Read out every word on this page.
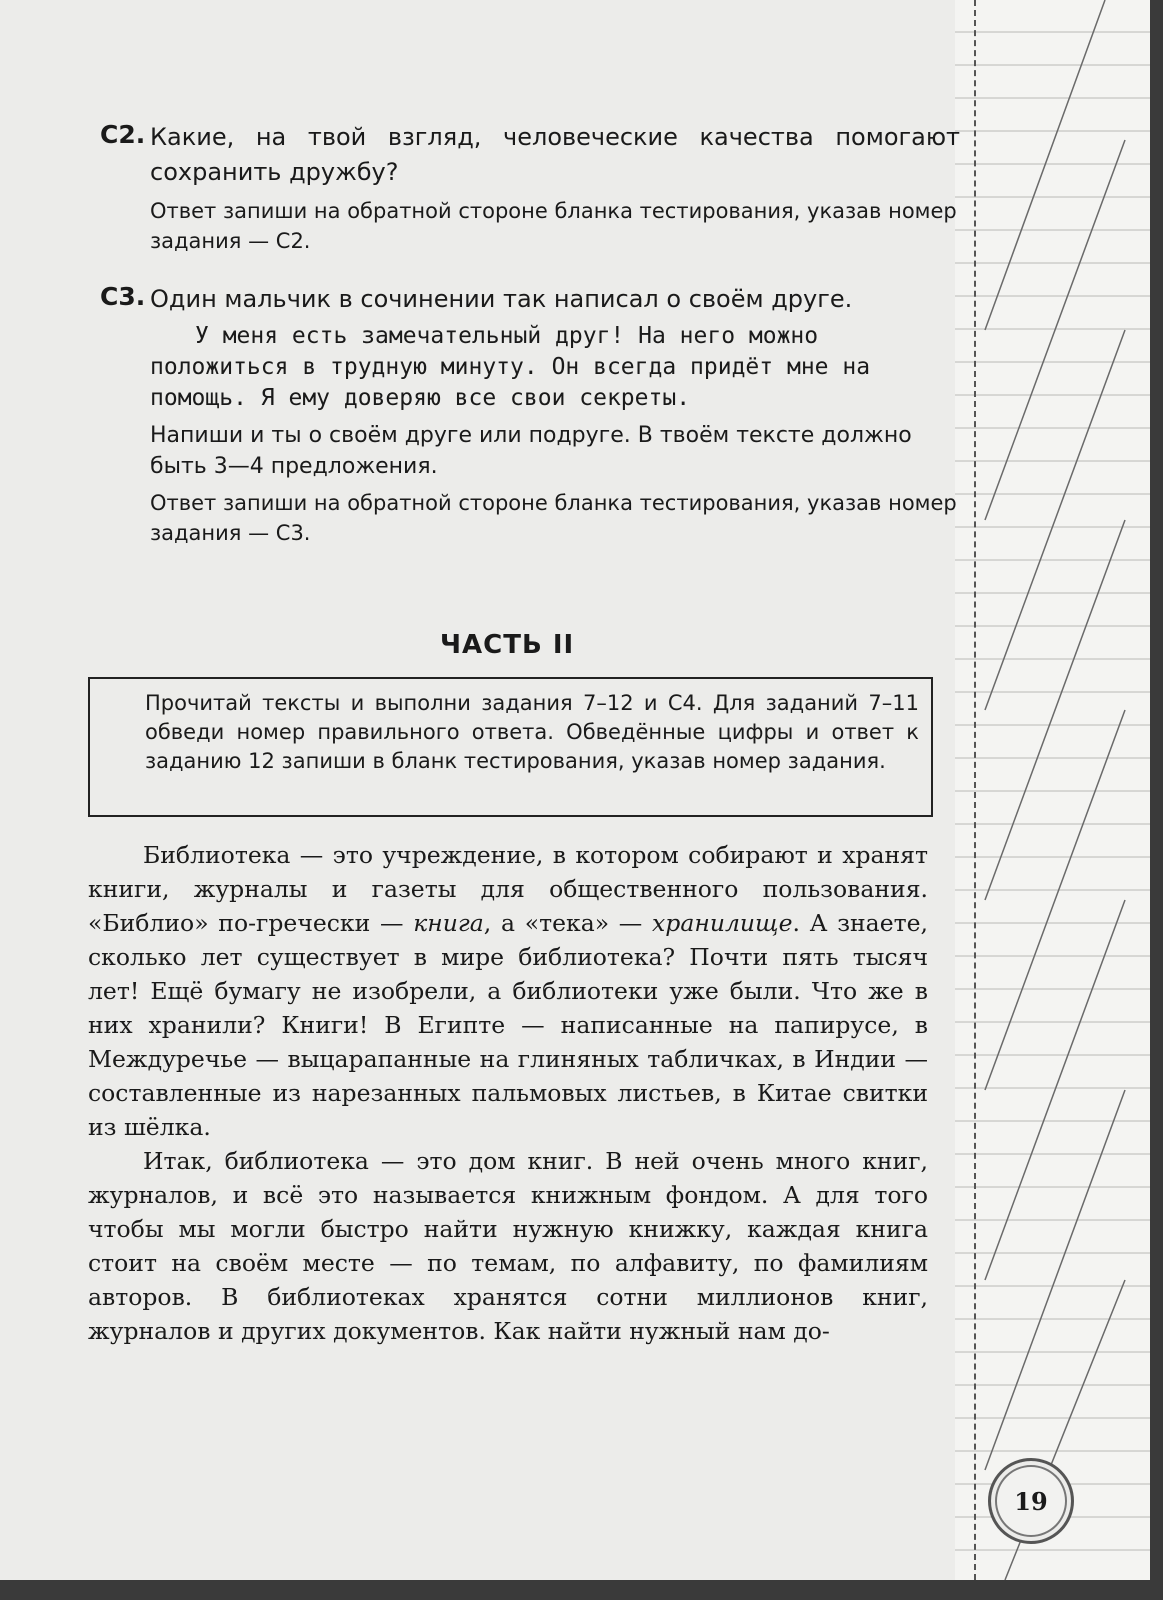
19
С2. Какие, на твой взгляд, человеческие качества помогают сохранить дружбу?
Ответ запиши на обратной стороне бланка тестирования, указав номер задания — С2.
С3. Один мальчик в сочинении так написал о своём друге.
У меня есть замечательный друг! На него можно положиться в трудную минуту. Он всегда придёт мне на помощь. Я ему доверяю все свои секреты.
Напиши и ты о своём друге или подруге. В твоём тексте должно быть 3—4 предложения.
Ответ запиши на обратной стороне бланка тестирования, указав номер задания — С3.
ЧАСТЬ II
Прочитай тексты и выполни задания 7–12 и С4. Для заданий 7–11 обведи номер правильного ответа. Обведённые цифры и ответ к заданию 12 запиши в бланк тестирования, указав номер задания.

Библиотека — это учреждение, в котором собирают и хранят книги, журналы и газеты для общественного пользования. «Библио» по-гречески — книга, а «тека» — хранилище. А знаете, сколько лет существует в мире библиотека? Почти пять тысяч лет! Ещё бумагу не изобрели, а библиотеки уже были. Что же в них хранили? Книги! В Египте — написанные на папирусе, в Междуречье — выцарапанные на глиняных табличках, в Индии — составленные из нарезанных пальмовых листьев, в Китае свитки из шёлка.

Итак, библиотека — это дом книг. В ней очень много книг, журналов, и всё это называется книжным фондом. А для того чтобы мы могли быстро найти нужную книжку, каждая книга стоит на своём месте — по темам, по алфавиту, по фамилиям авторов. В библиотеках хранятся сотни миллионов книг, журналов и других документов. Как найти нужный нам до-
